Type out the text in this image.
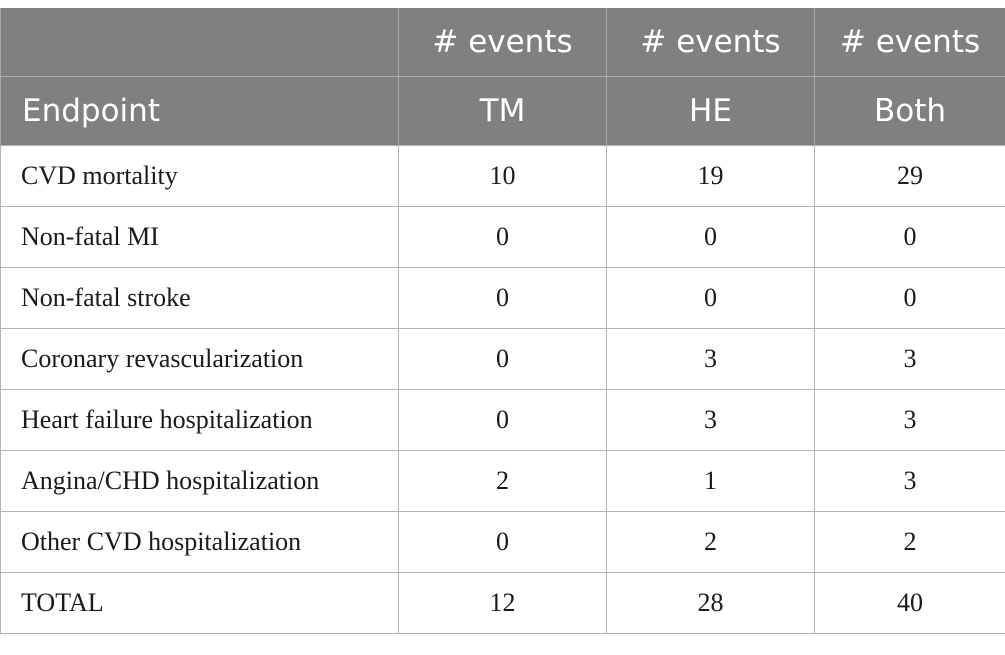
	# events	# events	# events
Endpoint	TM	HE	Both
CVD mortality	10	19	29
Non-fatal MI	0	0	0
Non-fatal stroke	0	0	0
Coronary revascularization	0	3	3
Heart failure hospitalization	0	3	3
Angina/CHD hospitalization	2	1	3
Other CVD hospitalization	0	2	2
TOTAL	12	28	40
